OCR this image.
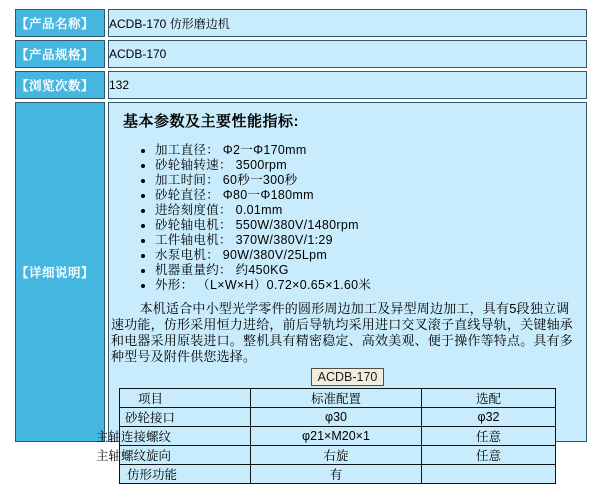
【产品名称】	ACDB-170 仿形磨边机
【产品规格】	ACDB-170
【浏览次数】	132
【详细说明】	
基本参数及主要性能指标:
• 加工直径： Φ2一Φ170mm
• 砂轮轴转速： 3500rpm
• 加工时间： 60秒一300秒
• 砂轮直径： Φ80一Φ180mm
• 进给刻度值： 0.01mm
• 砂轮轴电机： 550W/380V/1480rpm
• 工件轴电机： 370W/380V/1:29
• 水泵电机： 90W/380V/25Lpm
• 机器重量约： 约450KG
• 外形： （L×W×H）0.72×0.65×1.60米
本机适合中小型光学零件的圆形周边加工及异型周边加工，具有5段独立调速功能，仿形采用恒力进给，前后导轨均采用进口交叉滚子直线导轨，关键轴承和电器采用原装进口。整机具有精密稳定、高效美观、便于操作等特点。具有多种型号及附件供您选择。
ACDB-170
项目	标准配置	选配
砂轮接口	φ30	φ32
主轴连接螺纹	φ21×M20×1	任意
主轴螺纹旋向	右旋	任意
仿形功能	有	
